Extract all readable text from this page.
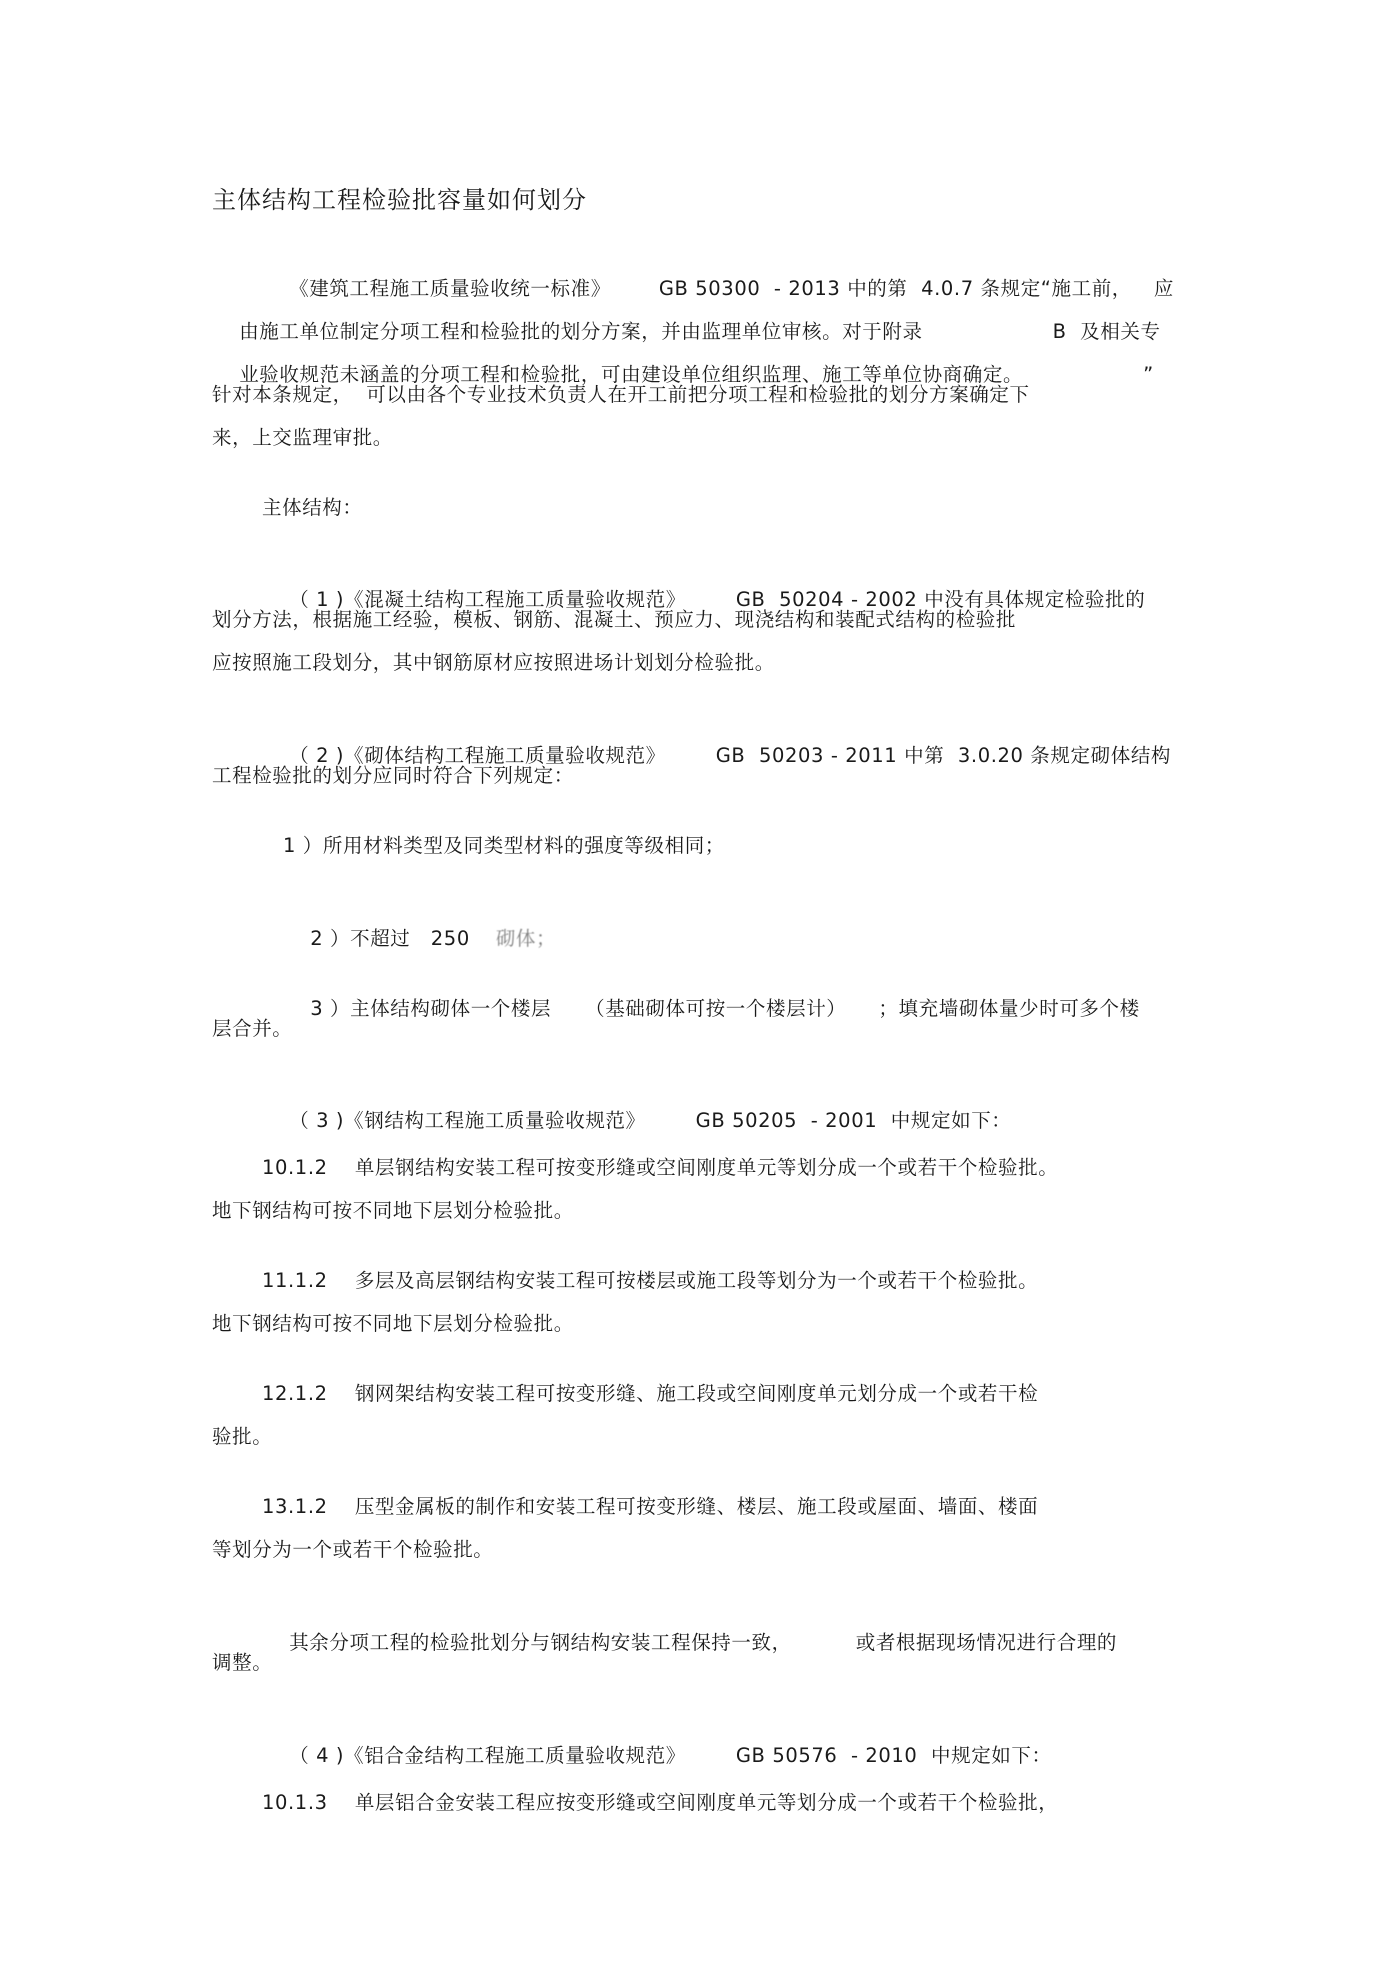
主体结构工程检验批容量如何划分

《建筑工程施工质量验收统一标准》 GB 50300  - 2013 中的第  4.0.7 条规定“施工前， 应

由施工单位制定分项工程和检验批的划分方案，并由监理单位审核。对于附录	B  及相关专

业验收规范未涵盖的分项工程和检验批，可由建设单位组织监理、施工等单位协商确定。	”

针对本条规定，  可以由各个专业技术负责人在开工前把分项工程和检验批的划分方案确定下
来，上交监理审批。
主体结构：

（ 1 )《混凝土结构工程施工质量验收规范》	GB  50204 - 2002 中没有具体规定检验批的

划分方法，根据施工经验，模板、钢筋、混凝土、预应力、现浇结构和装配式结构的检验批
应按照施工段划分，其中钢筋原材应按照进场计划划分检验批。

（ 2 )《砌体结构工程施工质量验收规范》	GB  50203 - 2011 中第  3.0.20 条规定砌体结构

工程检验批的划分应同时符合下列规定：
1 ）所用材料类型及同类型材料的强度等级相同；

2 ）不超过   250 砌体；

3 ）主体结构砌体一个楼层 （基础砌体可按一个楼层计） ；填充墙砌体量少时可多个楼

层合并。

（ 3 )《钢结构工程施工质量验收规范》	GB 50205  - 2001  中规定如下：

10.1.2    单层钢结构安装工程可按变形缝或空间刚度单元等划分成一个或若干个检验批。
地下钢结构可按不同地下层划分检验批。
11.1.2    多层及高层钢结构安装工程可按楼层或施工段等划分为一个或若干个检验批。
地下钢结构可按不同地下层划分检验批。
12.1.2    钢网架结构安装工程可按变形缝、施工段或空间刚度单元划分成一个或若干检
验批。
13.1.2    压型金属板的制作和安装工程可按变形缝、楼层、施工段或屋面、墙面、楼面
等划分为一个或若干个检验批。

其余分项工程的检验批划分与钢结构安装工程保持一致，	或者根据现场情况进行合理的

调整。

（ 4 )《铝合金结构工程施工质量验收规范》	GB 50576  - 2010  中规定如下：

10.1.3    单层铝合金安装工程应按变形缝或空间刚度单元等划分成一个或若干个检验批，
